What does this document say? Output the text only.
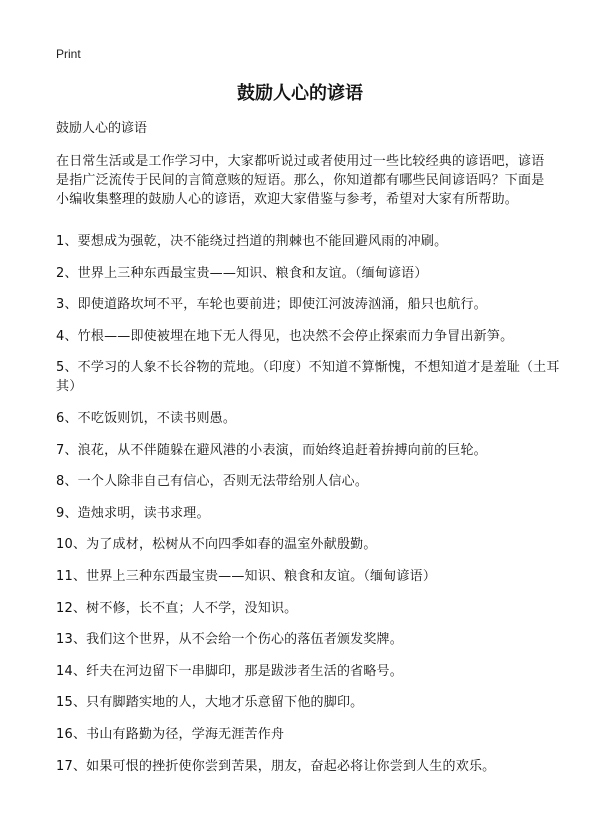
Print
鼓励人心的谚语
鼓励人心的谚语
在日常生活或是工作学习中，大家都听说过或者使用过一些比较经典的谚语吧，谚语是指广泛流传于民间的言简意赅的短语。那么，你知道都有哪些民间谚语吗？下面是小编收集整理的鼓励人心的谚语，欢迎大家借鉴与参考，希望对大家有所帮助。
1、要想成为强乾，决不能绕过挡道的荆棘也不能回避风雨的冲刷。
2、世界上三种东西最宝贵——知识、粮食和友谊。（缅甸谚语）
3、即使道路坎坷不平，车轮也要前进；即使江河波涛汹涌，船只也航行。
4、竹根——即使被埋在地下无人得见，也决然不会停止探索而力争冒出新笋。
5、不学习的人象不长谷物的荒地。（印度）不知道不算惭愧，不想知道才是羞耻（土耳其）
6、不吃饭则饥，不读书则愚。
7、浪花，从不伴随躲在避风港的小表演，而始终追赶着拚搏向前的巨轮。
8、一个人除非自己有信心，否则无法带给别人信心。
9、造烛求明，读书求理。
10、为了成材，松树从不向四季如春的温室外献殷勤。
11、世界上三种东西最宝贵——知识、粮食和友谊。（缅甸谚语）
12、树不修，长不直；人不学，没知识。
13、我们这个世界，从不会给一个伤心的落伍者颁发奖牌。
14、纤夫在河边留下一串脚印，那是跋涉者生活的省略号。
15、只有脚踏实地的人，大地才乐意留下他的脚印。
16、书山有路勤为径，学海无涯苦作舟
17、如果可恨的挫折使你尝到苦果，朋友，奋起必将让你尝到人生的欢乐。
